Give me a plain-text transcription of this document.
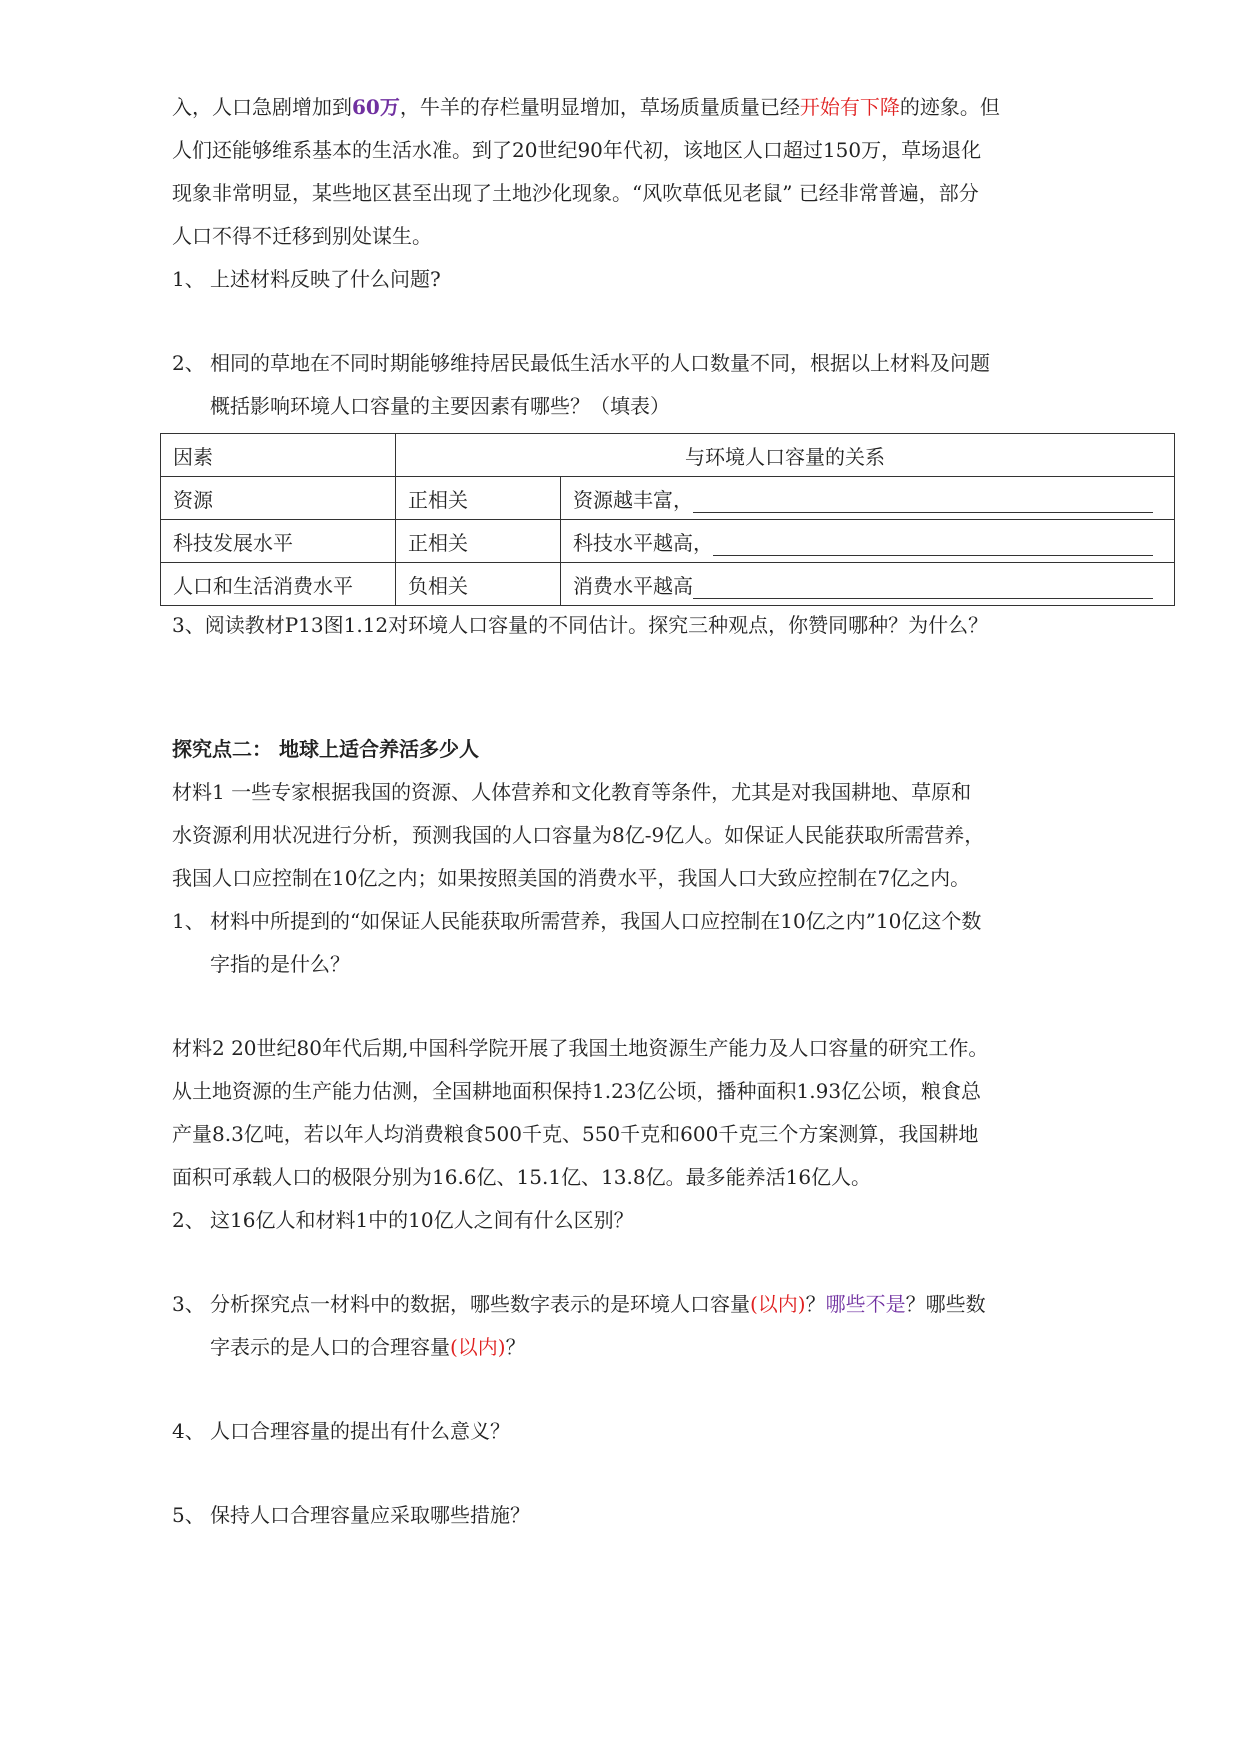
入，人口急剧增加到60万，牛羊的存栏量明显增加，草场质量质量已经开始有下降的迹象。但
人们还能够维系基本的生活水准。到了20世纪90年代初，该地区人口超过150万，草场退化
现象非常明显，某些地区甚至出现了土地沙化现象。“风吹草低见老鼠” 已经非常普遍，部分
人口不得不迁移到别处谋生。
1、 上述材料反映了什么问题?
2、 相同的草地在不同时期能够维持居民最低生活水平的人口数量不同，根据以上材料及问题
概括影响环境人口容量的主要因素有哪些？（填表）
因素	与环境人口容量的关系	
资源	正相关	资源越丰富，
科技发展水平	正相关	科技水平越高，
人口和生活消费水平	负相关	消费水平越高
3、阅读教材P13图1.12对环境人口容量的不同估计。探究三种观点，你赞同哪种？为什么？
探究点二： 地球上适合养活多少人
材料1 一些专家根据我国的资源、人体营养和文化教育等条件，尤其是对我国耕地、草原和
水资源利用状况进行分析，预测我国的人口容量为8亿-9亿人。如保证人民能获取所需营养，
我国人口应控制在10亿之内；如果按照美国的消费水平，我国人口大致应控制在7亿之内。
1、 材料中所提到的“如保证人民能获取所需营养，我国人口应控制在10亿之内”10亿这个数
字指的是什么？
材料2 20世纪80年代后期,中国科学院开展了我国土地资源生产能力及人口容量的研究工作。
从土地资源的生产能力估测，全国耕地面积保持1.23亿公顷，播种面积1.93亿公顷，粮食总
产量8.3亿吨，若以年人均消费粮食500千克、550千克和600千克三个方案测算，我国耕地
面积可承载人口的极限分别为16.6亿、15.1亿、13.8亿。最多能养活16亿人。
2、 这16亿人和材料1中的10亿人之间有什么区别？
3、 分析探究点一材料中的数据，哪些数字表示的是环境人口容量(以内)？哪些不是？哪些数
字表示的是人口的合理容量(以内)？
4、 人口合理容量的提出有什么意义？
5、 保持人口合理容量应采取哪些措施？
